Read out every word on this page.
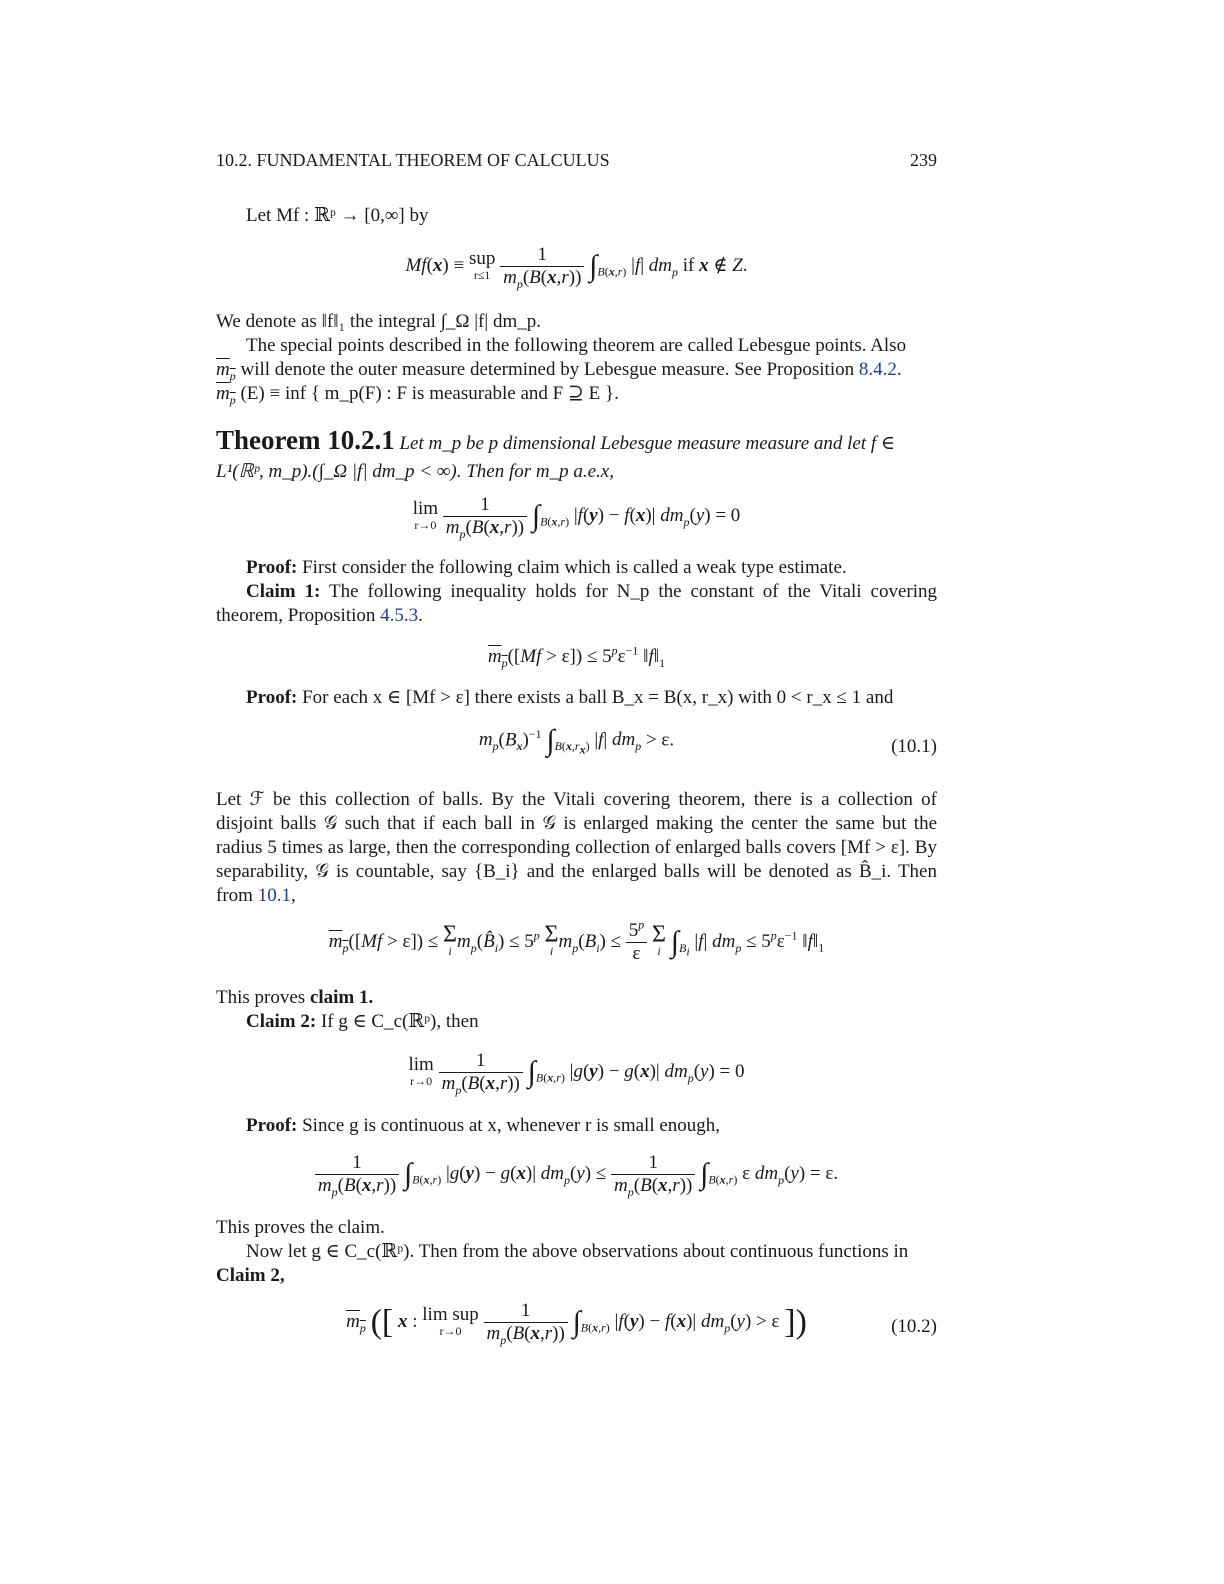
10.2. FUNDAMENTAL THEOREM OF CALCULUS	239
Let Mf : ℝᵖ → [0,∞] by
Mf(x) ≡ sup
r≤1
$\frac{1}{m_p(B(x,r))} \int_{B(x,r)}$ |f| $dm_p$ if x ∉ Z.
We denote as ‖f‖₁ the integral ∫_Ω |f| dm_p.
The special points described in the following theorem are called Lebesgue points. Also
$m_p$ will denote the outer measure determined by Lebesgue measure. See Proposition 8.4.2.
$m_p$ (E) ≡ inf { m_p(F) : F is measurable and F ⊇ E }.
Theorem 10.2.1 Let m_p be p dimensional Lebesgue measure measure and let f ∈
L¹(ℝᵖ, m_p).(∫_Ω |f| dm_p < ∞). Then for m_p a.e.x,
lim
r→0
$\frac{1}{m_p(B(x,r))} \int_{B(x,r)}$ |f(y) − f(x)| $dm_p(y) = 0$
Proof: First consider the following claim which is called a weak type estimate.
Claim 1: The following inequality holds for N_p the constant of the Vitali covering theorem, Proposition 4.5.3.
$m_p([Mf > \varepsilon]) \le 5^p\varepsilon^{-1}$ $‖f‖_1$
Proof: For each x ∈ [Mf > ε] there exists a ball B_x = B(x, r_x) with 0 < r_x ≤ 1 and
$m_p(B_x)^{-1}$ $\int_{B(x,r_x)}$ |f| $dm_p > \varepsilon$.	(10.1)
Let ℱ be this collection of balls. By the Vitali covering theorem, there is a collection of disjoint balls 𝒢 such that if each ball in 𝒢 is enlarged making the center the same but the radius 5 times as large, then the corresponding collection of enlarged balls covers [Mf > ε]. By separability, 𝒢 is countable, say {B_i} and the enlarged balls will be denoted as B̂_i. Then from 10.1,
$m_p([Mf > \varepsilon]) \le \Sigma$
i $m_p(B̂_i) \le 5^p$ Σ
i $m_p(B_i) \le \frac{5^p}{\varepsilon}$ Σ
i $\int_{B_i}$ |f| $dm_p \le 5^p\varepsilon^{-1}$ $‖f‖_1$
This proves claim 1.
Claim 2: If g ∈ C_c(ℝᵖ), then
lim
r→0
$\frac{1}{m_p(B(x,r))} \int_{B(x,r)}$ |g(y) − g(x)| $dm_p(y) = 0$
Proof: Since g is continuous at x, whenever r is small enough,
$\frac{1}{m_p(B(x,r))} \int_{B(x,r)}$ |g(y) − g(x)| $dm_p(y) \le \frac{1}{m_p(B(x,r))} \int_{B(x,r)}$ ε $dm_p(y) = \varepsilon$.
This proves the claim.
Now let g ∈ C_c(ℝᵖ). Then from the above observations about continuous functions in
Claim 2,
$m_p$ ([ x : lim sup
r→0
	$\frac{1}{m_p(B(x,r))} \int_{B(x,r)}$ |f(y) − f(x)| $dm_p(y) > \varepsilon$ ])	(10.2)
